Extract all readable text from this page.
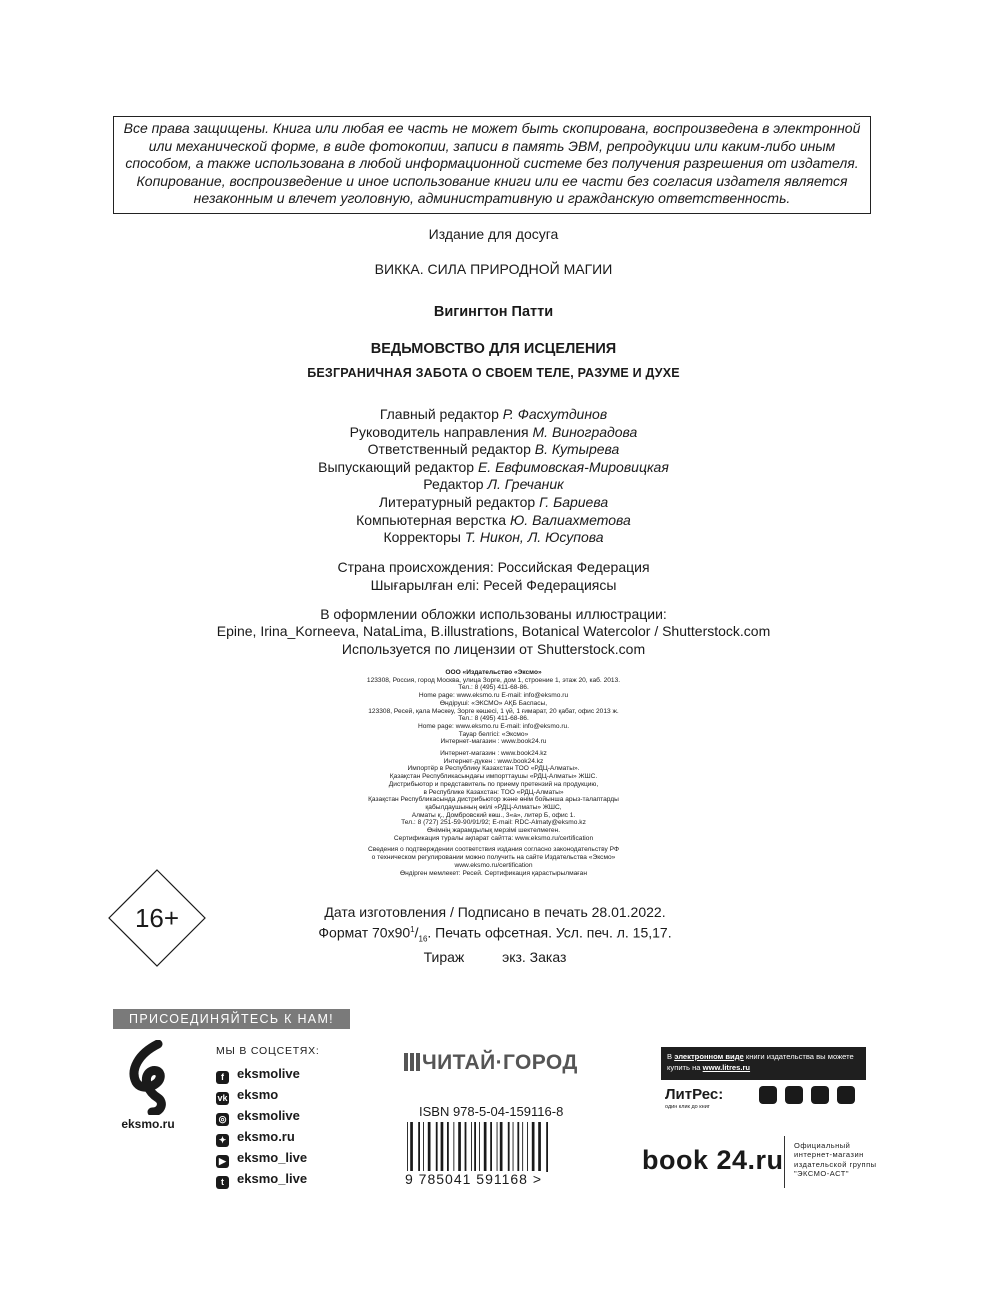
Все права защищены. Книга или любая ее часть не может быть скопирована, воспроизведена в электронной или механической форме, в виде фотокопии, записи в память ЭВМ, репродукции или каким-либо иным способом, а также использована в любой информационной системе без получения разрешения от издателя. Копирование, воспроизведение и иное использование книги или ее части без согласия издателя является незаконным и влечет уголовную, административную и гражданскую ответственность.
Издание для досуга
ВИККА. СИЛА ПРИРОДНОЙ МАГИИ
Вигингтон Патти
ВЕДЬМОВСТВО ДЛЯ ИСЦЕЛЕНИЯ
БЕЗГРАНИЧНАЯ ЗАБОТА О СВОЕМ ТЕЛЕ, РАЗУМЕ И ДУХЕ
Главный редактор Р. Фасхутдинов
Руководитель направления М. Виноградова
Ответственный редактор В. Кутырева
Выпускающий редактор Е. Евфимовская-Мировицкая
Редактор Л. Гречаник
Литературный редактор Г. Бариева
Компьютерная верстка Ю. Валиахметова
Корректоры Т. Никон, Л. Юсупова
Страна происхождения: Российская Федерация
Шығарылған елі: Ресей Федерациясы
В оформлении обложки использованы иллюстрации:
Epine, Irina_Korneeva, NataLima, B.illustrations, Botanical Watercolor / Shutterstock.com
Используется по лицензии от Shutterstock.com
ООО «Издательство «Эксмо»
123308, Россия, город Москва, улица Зорге, дом 1, строение 1, этаж 20, каб. 2013.
Тел.: 8 (495) 411-68-86.
Home page: www.eksmo.ru E-mail: info@eksmo.ru
Өндіруші: «ЭКСМО» АҚБ Баспасы,
123308, Ресей, қала Мәскеу, Зорге көшесі, 1 үй, 1 ғимарат, 20 қабат, офис 2013 ж.
Тел.: 8 (495) 411-68-86.
Home page: www.eksmo.ru E-mail: info@eksmo.ru.
Тауар белгісі: «Эксмо»
Интернет-магазин : www.book24.ru
Интернет-магазин : www.book24.kz
Интернет-дүкен : www.book24.kz
Импортёр в Республику Казахстан ТОО «РДЦ-Алматы».
Қазақстан Республикасындағы импорттаушы «РДЦ-Алматы» ЖШС.
Дистрибьютор и представитель по приему претензий на продукцию,
в Республике Казахстан: ТОО «РДЦ-Алматы»
Қазақстан Республикасында дистрибьютор және өнім бойынша арыз-талаптарды
қабылдаушының өкілі «РДЦ-Алматы» ЖШС,
Алматы қ., Домбровский көш., 3«а», литер Б, офис 1.
Тел.: 8 (727) 251-59-90/91/92; E-mail: RDC-Almaty@eksmo.kz
Өнімнің жарамдылық мерзімі шектелмеген.
Сертификация туралы ақпарат сайтта: www.eksmo.ru/certification
Сведения о подтверждении соответствия издания согласно законодательству РФ
о техническом регулировании можно получить на сайте Издательства «Эксмо»
www.eksmo.ru/certification
Өндірген мемлекет: Ресей. Сертификация қарастырылмаған
16+	Дата изготовления / Подписано в печать 28.01.2022.
Формат $70х90^1/_{16}$. Печать офсетная. Усл. печ. л. 15,17.
Тираж	экз. Заказ
ПРИСОЕДИНЯЙТЕСЬ К НАМ!
eksmo.ru
МЫ В СОЦСЕТЯХ:
f eksmolive
vk eksmo
◎ eksmolive
✦ eksmo.ru
▶ eksmo_live
t eksmo_live
ЧИТАЙ·ГОРОД
ISBN 978-5-04-159116-8
9 785041 591168 >
В электронном виде книги издательства вы можете купить на www.litres.ru
ЛитРес:
один клик до книг
book 24.ru Официальный
интернет-магазин
издательской группы
"ЭКСМО-АСТ"
